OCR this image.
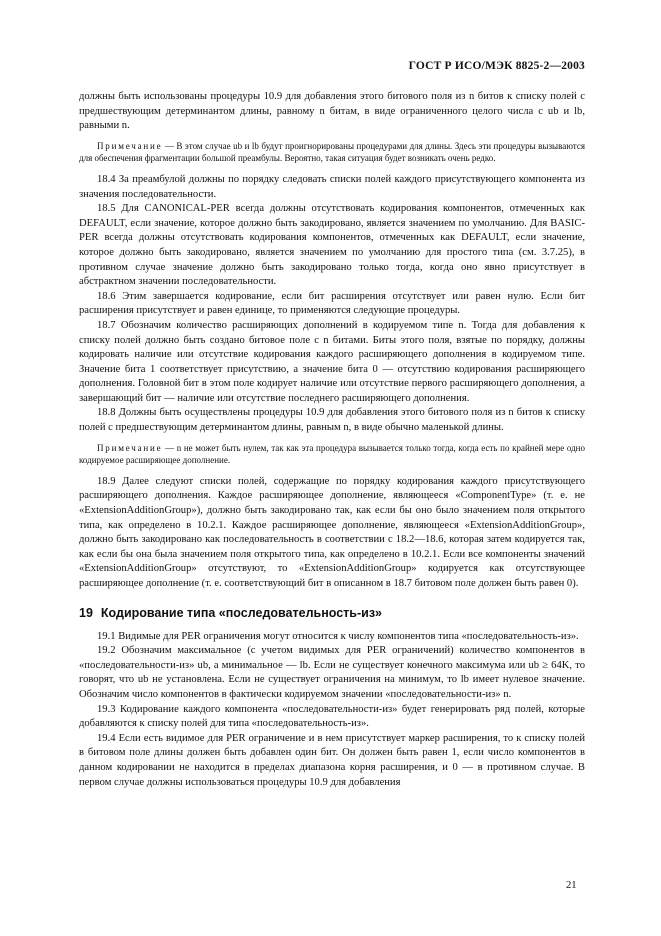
ГОСТ Р ИСО/МЭК 8825-2—2003

должны быть использованы процедуры 10.9 для добавления этого битового поля из n битов к списку полей с предшествующим детерминантом длины, равному n битам, в виде ограниченного целого числа с ub и lb, равными n.

Примечание — В этом случае ub и lb будут проигнорированы процедурами для длины. Здесь эти процедуры вызываются для обеспечения фрагментации большой преамбулы. Вероятно, такая ситуация будет возникать очень редко.

18.4 За преамбулой должны по порядку следовать списки полей каждого присутствующего компонента из значения последовательности.

18.5 Для CANONICAL-PER всегда должны отсутствовать кодирования компонентов, отмеченных как DEFAULT, если значение, которое должно быть закодировано, является значением по умолчанию. Для BASIC-PER всегда должны отсутствовать кодирования компонентов, отмеченных как DEFAULT, если значение, которое должно быть закодировано, является значением по умолчанию для простого типа (см. 3.7.25), в противном случае значение должно быть закодировано только тогда, когда оно явно присутствует в абстрактном значении последовательности.

18.6 Этим завершается кодирование, если бит расширения отсутствует или равен нулю. Если бит расширения присутствует и равен единице, то применяются следующие процедуры.

18.7 Обозначим количество расширяющих дополнений в кодируемом типе n. Тогда для добавления к списку полей должно быть создано битовое поле с n битами. Биты этого поля, взятые по порядку, должны кодировать наличие или отсутствие кодирования каждого расширяющего дополнения в кодируемом типе. Значение бита 1 соответствует присутствию, а значение бита 0 — отсутствию кодирования расширяющего дополнения. Головной бит в этом поле кодирует наличие или отсутствие первого расширяющего дополнения, а завершающий бит — наличие или отсутствие последнего расширяющего дополнения.

18.8 Должны быть осуществлены процедуры 10.9 для добавления этого битового поля из n битов к списку полей с предшествующим детерминантом длины, равным n, в виде обычно маленькой длины.

Примечание — n не может быть нулем, так как эта процедура вызывается только тогда, когда есть по крайней мере одно кодируемое расширяющее дополнение.

18.9 Далее следуют списки полей, содержащие по порядку кодирования каждого присутствующего расширяющего дополнения. Каждое расширяющее дополнение, являющееся «ComponentType» (т. е. не «ExtensionAdditionGroup»), должно быть закодировано так, как если бы оно было значением поля открытого типа, как определено в 10.2.1. Каждое расширяющее дополнение, являющееся «ExtensionAdditionGroup», должно быть закодировано как последовательность в соответствии с 18.2—18.6, которая затем кодируется так, как если бы она была значением поля открытого типа, как определено в 10.2.1. Если все компоненты значений «ExtensionAdditionGroup» отсутствуют, то «ExtensionAdditionGroup» кодируется как отсутствующее расширяющее дополнение (т. е. соответствующий бит в описанном в 18.7 битовом поле должен быть равен 0).

19 Кодирование типа «последовательность-из»

19.1 Видимые для PER ограничения могут относится к числу компонентов типа «последовательность-из».

19.2 Обозначим максимальное (с учетом видимых для PER ограничений) количество компонентов в «последовательности-из» ub, а минимальное — lb. Если не существует конечного максимума или ub ≥ 64K, то говорят, что ub не установлена. Если не существует ограничения на минимум, то lb имеет нулевое значение. Обозначим число компонентов в фактически кодируемом значении «последовательности-из» n.

19.3 Кодирование каждого компонента «последовательности-из» будет генерировать ряд полей, которые добавляются к списку полей для типа «последовательность-из».

19.4 Если есть видимое для PER ограничение и в нем присутствует маркер расширения, то к списку полей в битовом поле длины должен быть добавлен один бит. Он должен быть равен 1, если число компонентов в данном кодировании не находится в пределах диапазона корня расширения, и 0 — в противном случае. В первом случае должны использоваться процедуры 10.9 для добавления

21
